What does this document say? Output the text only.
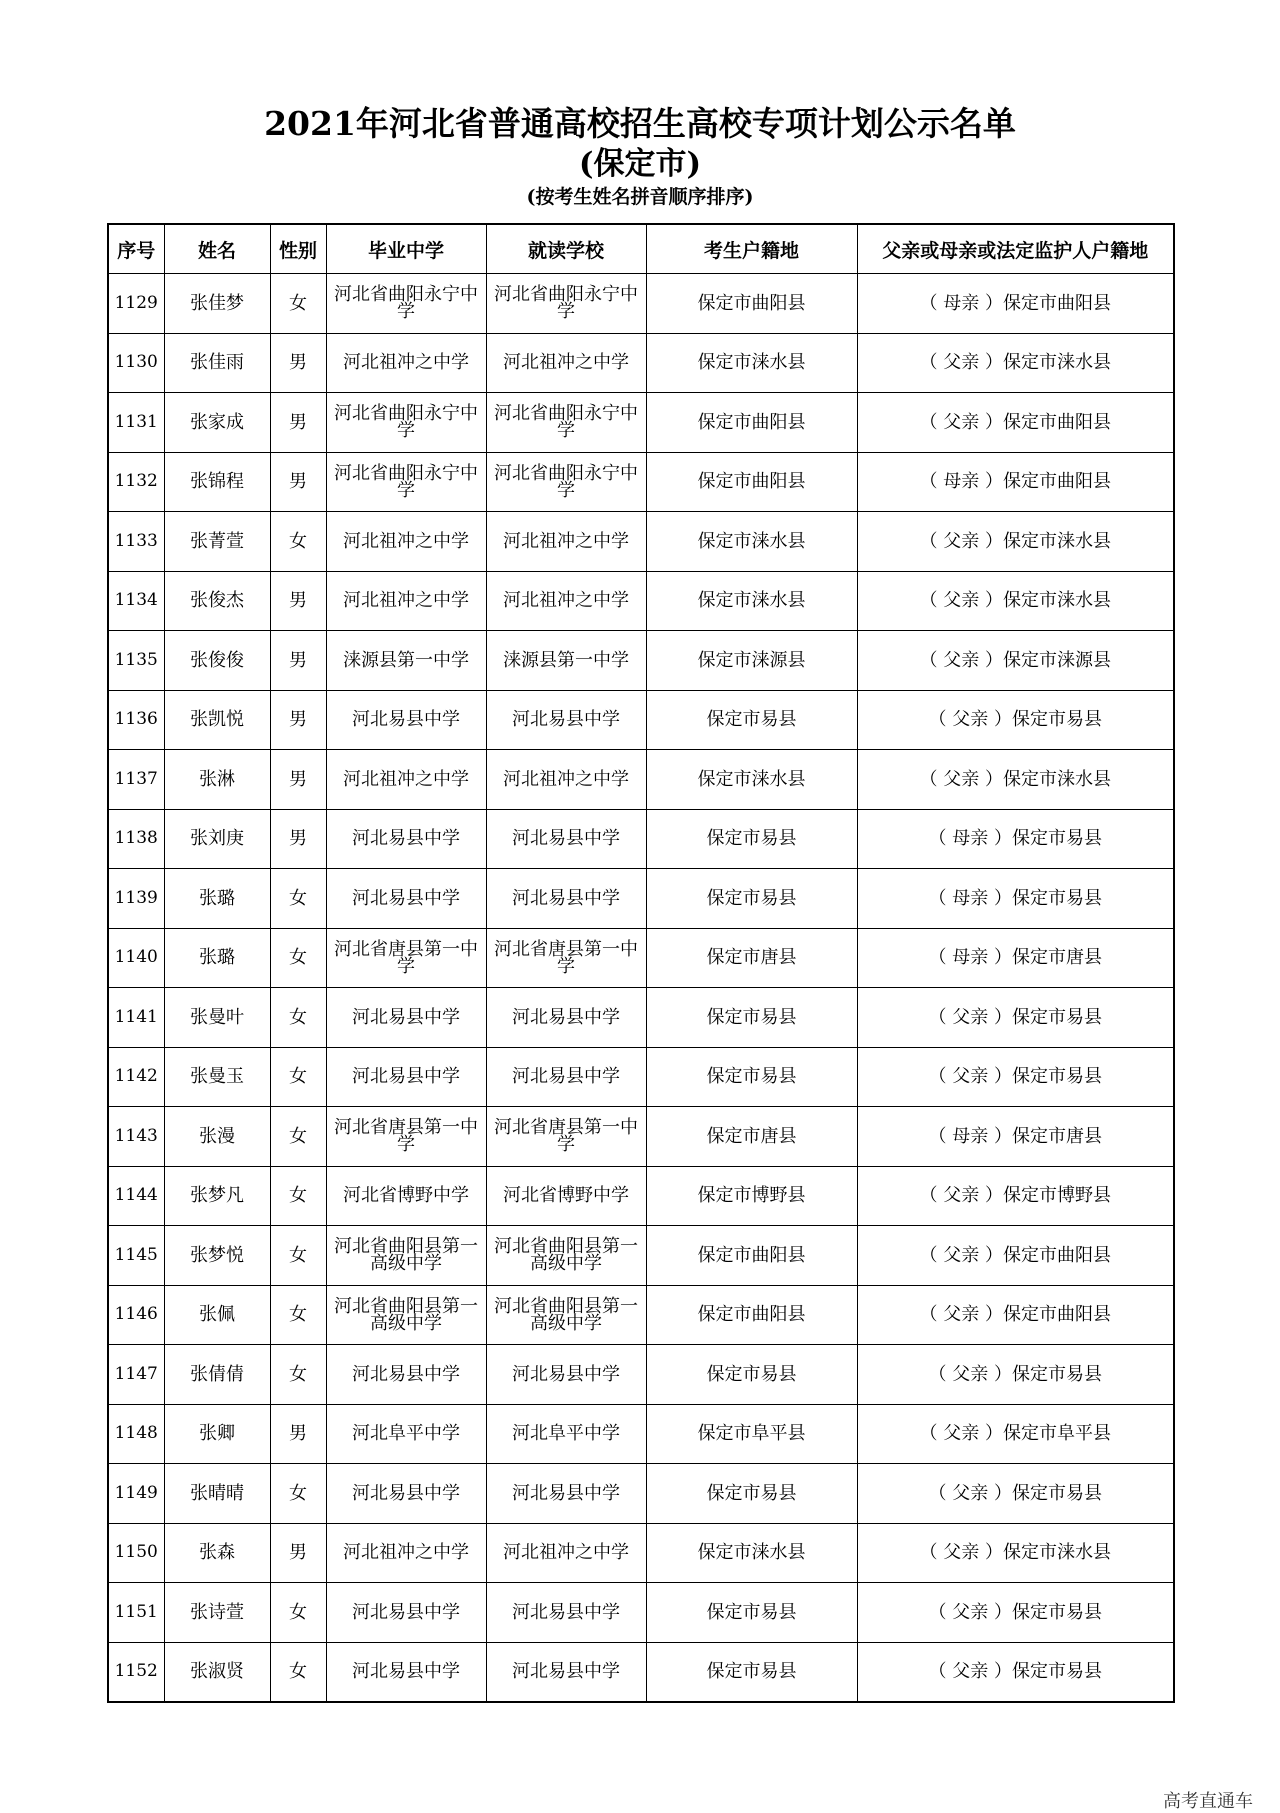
2021年河北省普通高校招生高校专项计划公示名单
(保定市)
(按考生姓名拼音顺序排序)
序号	姓名	性别	毕业中学	就读学校	考生户籍地	父亲或母亲或法定监护人户籍地
1129	张佳梦	女	河北省曲阳永宁中学	河北省曲阳永宁中学	保定市曲阳县	（ 母亲 ）保定市曲阳县
1130	张佳雨	男	河北祖冲之中学	河北祖冲之中学	保定市涞水县	（ 父亲 ）保定市涞水县
1131	张家成	男	河北省曲阳永宁中学	河北省曲阳永宁中学	保定市曲阳县	（ 父亲 ）保定市曲阳县
1132	张锦程	男	河北省曲阳永宁中学	河北省曲阳永宁中学	保定市曲阳县	（ 母亲 ）保定市曲阳县
1133	张菁萱	女	河北祖冲之中学	河北祖冲之中学	保定市涞水县	（ 父亲 ）保定市涞水县
1134	张俊杰	男	河北祖冲之中学	河北祖冲之中学	保定市涞水县	（ 父亲 ）保定市涞水县
1135	张俊俊	男	涞源县第一中学	涞源县第一中学	保定市涞源县	（ 父亲 ）保定市涞源县
1136	张凯悦	男	河北易县中学	河北易县中学	保定市易县	（ 父亲 ）保定市易县
1137	张淋	男	河北祖冲之中学	河北祖冲之中学	保定市涞水县	（ 父亲 ）保定市涞水县
1138	张刘庚	男	河北易县中学	河北易县中学	保定市易县	（ 母亲 ）保定市易县
1139	张璐	女	河北易县中学	河北易县中学	保定市易县	（ 母亲 ）保定市易县
1140	张璐	女	河北省唐县第一中学	河北省唐县第一中学	保定市唐县	（ 母亲 ）保定市唐县
1141	张曼叶	女	河北易县中学	河北易县中学	保定市易县	（ 父亲 ）保定市易县
1142	张曼玉	女	河北易县中学	河北易县中学	保定市易县	（ 父亲 ）保定市易县
1143	张漫	女	河北省唐县第一中学	河北省唐县第一中学	保定市唐县	（ 母亲 ）保定市唐县
1144	张梦凡	女	河北省博野中学	河北省博野中学	保定市博野县	（ 父亲 ）保定市博野县
1145	张梦悦	女	河北省曲阳县第一高级中学	河北省曲阳县第一高级中学	保定市曲阳县	（ 父亲 ）保定市曲阳县
1146	张佩	女	河北省曲阳县第一高级中学	河北省曲阳县第一高级中学	保定市曲阳县	（ 父亲 ）保定市曲阳县
1147	张倩倩	女	河北易县中学	河北易县中学	保定市易县	（ 父亲 ）保定市易县
1148	张卿	男	河北阜平中学	河北阜平中学	保定市阜平县	（ 父亲 ）保定市阜平县
1149	张晴晴	女	河北易县中学	河北易县中学	保定市易县	（ 父亲 ）保定市易县
1150	张森	男	河北祖冲之中学	河北祖冲之中学	保定市涞水县	（ 父亲 ）保定市涞水县
1151	张诗萱	女	河北易县中学	河北易县中学	保定市易县	（ 父亲 ）保定市易县
1152	张淑贤	女	河北易县中学	河北易县中学	保定市易县	（ 父亲 ）保定市易县
高考直通车
